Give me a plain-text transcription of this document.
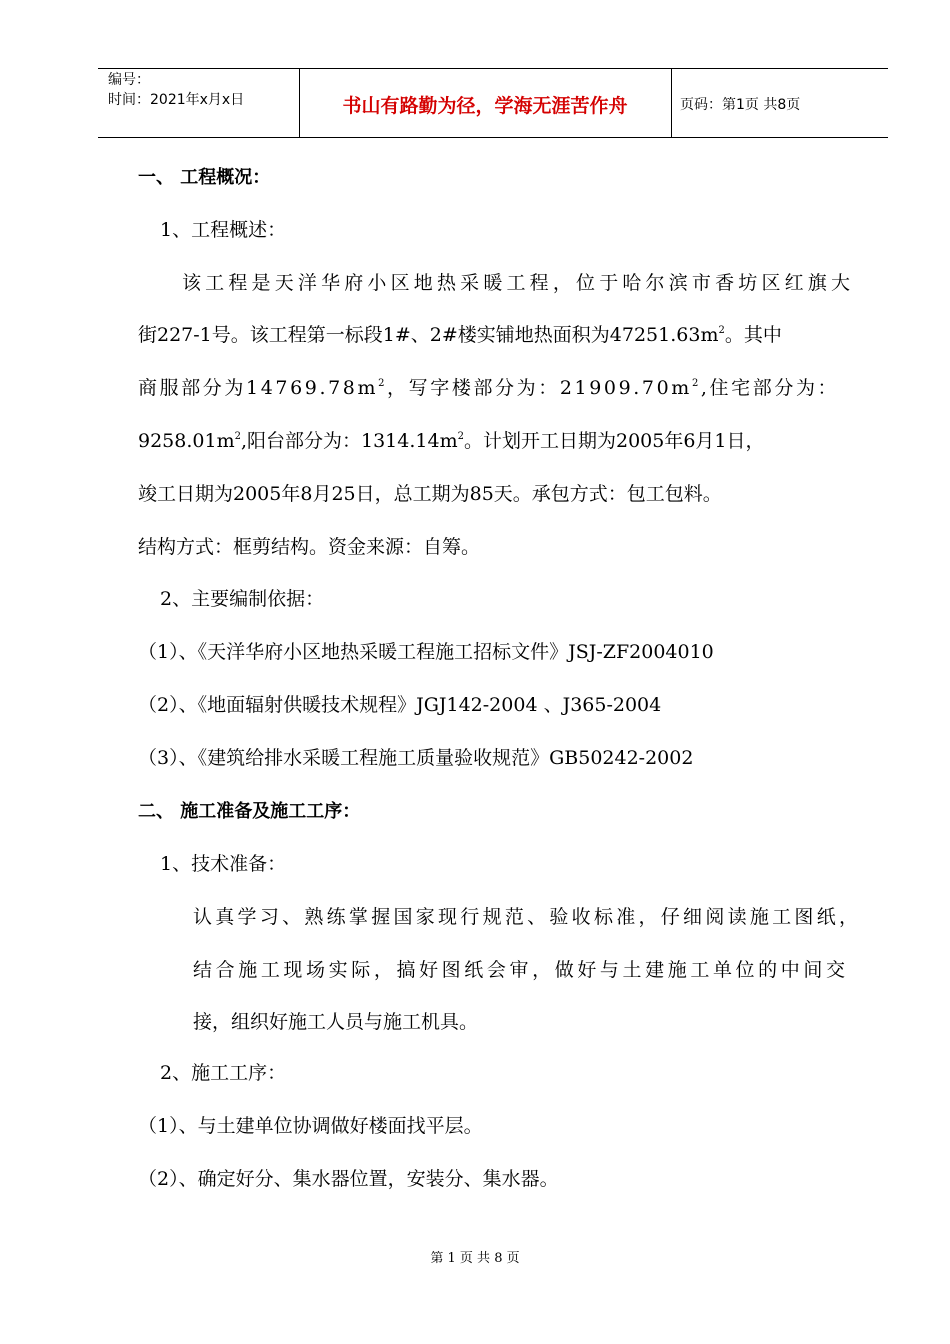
编号：
时间：2021年x月x日	书山有路勤为径，学海无涯苦作舟	页码：第1页 共8页
一、 工程概况：
1、工程概述：
该工程是天洋华府小区地热采暖工程，位于哈尔滨市香坊区红旗大
街227-1号。该工程第一标段1#、2#楼实铺地热面积为$47251.63m^2$。其中
商服部分为$14769.78m^2$，写字楼部分为：$21909.70m^2$,住宅部分为：
$9258.01m^2$,阳台部分为：$1314.14m^2$。计划开工日期为2005年6月1日，
竣工日期为2005年8月25日，总工期为85天。承包方式：包工包料。
结构方式：框剪结构。资金来源：自筹。
2、主要编制依据：
（1）、《天洋华府小区地热采暖工程施工招标文件》JSJ-ZF2004010
（2）、《地面辐射供暖技术规程》JGJ142-2004 、J365-2004
（3）、《建筑给排水采暖工程施工质量验收规范》GB50242-2002
二、 施工准备及施工工序：
1、技术准备：
认真学习、熟练掌握国家现行规范、验收标准，仔细阅读施工图纸，
结合施工现场实际，搞好图纸会审，做好与土建施工单位的中间交
接，组织好施工人员与施工机具。
2、施工工序：
（1）、与土建单位协调做好楼面找平层。
（2）、确定好分、集水器位置，安装分、集水器。
第 1 页 共 8 页
